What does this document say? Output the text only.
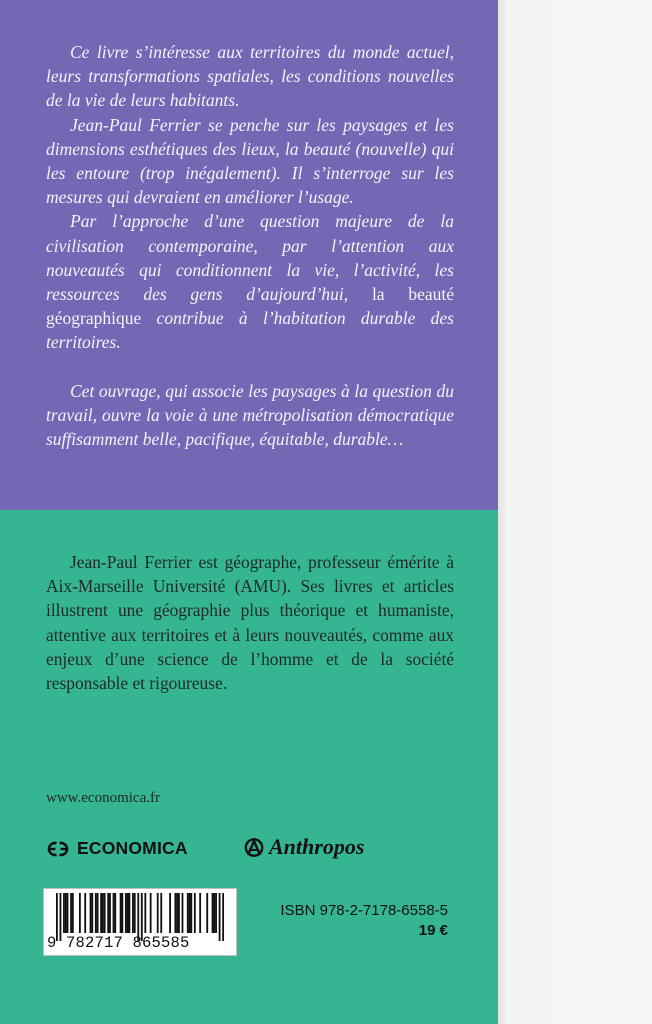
Ce livre s’intéresse aux territoires du monde actuel, leurs transformations spatiales, les conditions nouvelles de la vie de leurs habitants.

Jean-Paul Ferrier se penche sur les paysages et les dimensions esthétiques des lieux, la beauté (nouvelle) qui les entoure (trop inégalement). Il s’interroge sur les mesures qui devraient en améliorer l’usage.

Par l’approche d’une question majeure de la civilisation contemporaine, par l’attention aux nouveautés qui conditionnent la vie, l’activité, les ressources des gens d’aujourd’hui, la beauté géographique contribue à l’habitation durable des territoires.

Cet ouvrage, qui associe les paysages à la question du travail, ouvre la voie à une métropolisation démocratique suffisamment belle, pacifique, équitable, durable…

Jean-Paul Ferrier est géographe, professeur émérite à Aix-Marseille Université (AMU). Ses livres et articles illustrent une géographie plus théorique et humaniste, attentive aux territoires et à leurs nouveautés, comme aux enjeux d’une science de l’homme et de la société responsable et rigoureuse.

www.economica.fr
ECONOMICA	Anthropos
9 782717 865585
ISBN 978-2-7178-6558-5
19 €
